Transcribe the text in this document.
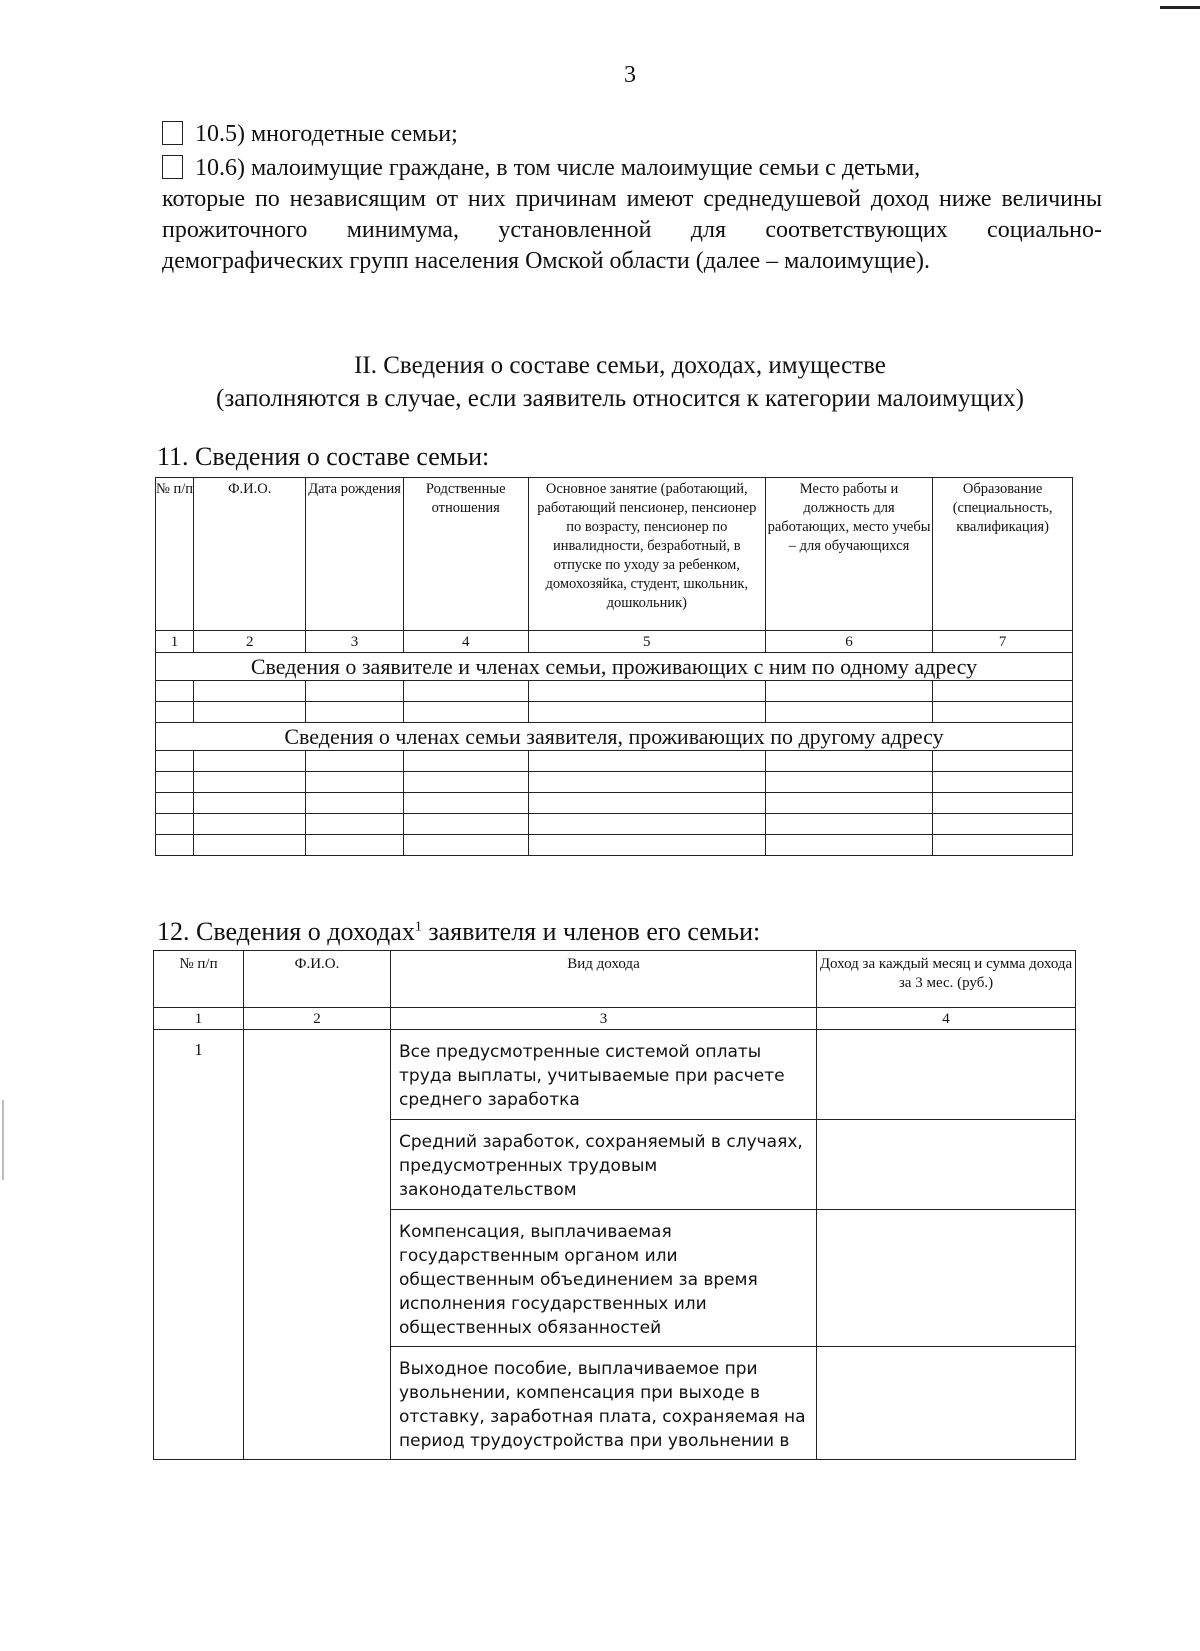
3
10.5) многодетные семьи;
10.6) малоимущие граждане, в том числе малоимущие семьи с детьми,
которые по независящим от них причинам имеют среднедушевой доход ниже величины прожиточного минимума, установленной для соответствующих социально-демографических групп населения Омской области (далее – малоимущие).
II. Сведения о составе семьи, доходах, имуществе
(заполняются в случае, если заявитель относится к категории малоимущих)
11. Сведения о составе семьи:
№ п/п	Ф.И.О.	Дата рождения	Родственные отношения	Основное занятие (работающий, работающий пенсионер, пенсионер по возрасту, пенсионер по инвалидности, безработный, в отпуске по уходу за ребенком, домохозяйка, студент, школьник, дошкольник)	Место работы и должность для работающих, место учебы – для обучающихся	Образование (специальность, квалификация)
1	2	3	4	5	6	7
Сведения о заявителе и членах семьи, проживающих с ним по одному адресу						

Сведения о членах семьи заявителя, проживающих по другому адресу						

12. Сведения о доходах$^1$ заявителя и членов его семьи:
№ п/п	Ф.И.О.	Вид дохода	Доход за каждый месяц и сумма дохода за 3 мес. (руб.)
1	2	3	4
1		Все предусмотренные системой оплаты труда выплаты, учитываемые при расчете среднего заработка	
		Средний заработок, сохраняемый в случаях, предусмотренных трудовым законодательством	
		Компенсация, выплачиваемая государственным органом или общественным объединением за время исполнения государственных или общественных обязанностей	
		Выходное пособие, выплачиваемое при увольнении, компенсация при выходе в отставку, заработная плата, сохраняемая на период трудоустройства при увольнении в	
